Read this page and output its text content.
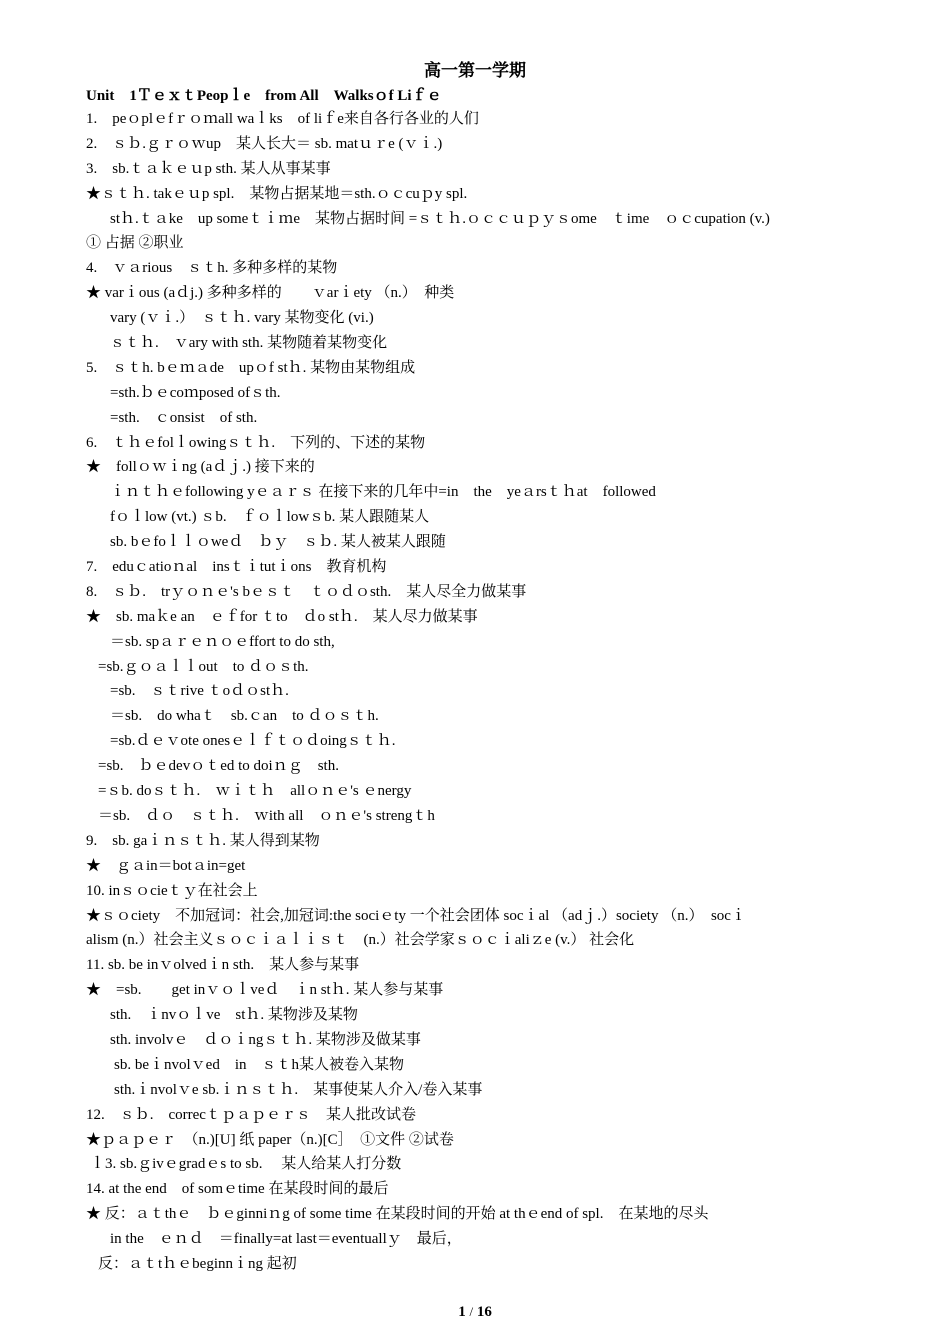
高一第一学期
Unit　1ＴｅｘｔPeopｌe　from All　Walksｏf Liｆｅ
1.　peｏplｅfｒｏｍall waｌks　of liｆe来自各行各业的人们
2.　ｓｂ.ｇｒｏｗup　某人长大＝ sb. matｕｒe (ｖｉ.)
3.　sb.ｔａｋｅｕp sth. 某人从事某事
★ｓｔｈ. takｅｕp spl.　某物占据某地＝sth.ｏｃcuｐy spl.
stｈ.ｔａke　up someｔｉｍe　某物占据时间 =ｓｔｈ.ｏｃｃｕｐｙｓome　ｔime　ｏｃcupation (v.)
① 占据 ②职业
4.　ｖａrious　ｓｔh. 多种多样的某物
★ varｉous (aｄj.) 多种多样的　　ｖarｉety （n.）　种类
vary (ｖｉ.）　ｓｔｈ. vary 某物变化 (vi.)
ｓｔｈ.　ｖary with sth. 某物随着某物变化
5.　ｓｔh. bｅｍａde　upｏf stｈ. 某物由某物组成
=sth.ｂｅcoｍposed ofｓth.
=sth.　ｃonsist　of sth.
6.　ｔｈｅfolｌowingｓｔｈ.　下列的、下述的某物
★　follｏｗｉng (aｄｊ.) 接下来的
ｉｎｔｈｅfollowing yｅａｒｓ 在接下来的几年中=in　the　yeａrsｔｈat　followed
fｏｌlow (vt.) ｓb.　ｆｏｌlowｓb. 某人跟随某人
sb. bｅfoｌｌｏweｄ　ｂｙ　ｓｂ. 某人被某人跟随
7.　eduｃatioｎal　insｔｉtutｉons　教育机构
8.　ｓｂ.　trｙｏｎｅ's bｅｓｔ　ｔｏｄｏsth.　某人尽全力做某事
★　sb. maｋe an　ｅｆfor ｔto　ｄo stｈ.　某人尽力做某事
＝sb. spａｒｅｎｏｅffort to do sth,
=sb.ｇｏａｌｌout　to ｄｏｓth.
=sb.　ｓｔrive ｔoｄｏstｈ.
＝sb.　do whaｔ　sb.ｃan　to ｄｏｓｔh.
=sb.ｄｅｖote onesｅｌｆｔｏｄoingｓｔｈ.
=sb.　ｂｅdevｏｔed to doiｎｇ　sth.
=ｓb. doｓｔｈ.　ｗｉｔｈ　allｏｎｅ's ｅnergy
＝sb.　ｄｏ　ｓｔｈ.　ｗith all　ｏｎｅ's strengｔh
9.　sb. gaｉｎｓｔｈ. 某人得到某物
★　ｇａin＝botａin=get
10. inｓｏcieｔｙ在社会上
★ｓｏciety　不加冠词：社会,加冠词:the sociｅty 一个社会团体 socｉal （adｊ.）society （n.）　socｉ
alism (n.）社会主义ｓｏｃｉａｌｉｓｔ　(n.）社会学家ｓｏｃｉaliｚe (v.） 社会化
11. sb. be inｖolvedｉn sth.　某人参与某事
★　=sb.　　get inｖｏｌveｄ　ｉn stｈ. 某人参与某事
sth.　ｉnvｏｌve　stｈ. 某物涉及某物
sth. involvｅ　ｄｏｉngｓｔｈ. 某物涉及做某事
sb. beｉnvolｖed　in　ｓｔh某人被卷入某物
sth.ｉnvolｖe sb.ｉｎｓｔｈ.　某事使某人介入/卷入某事
12.　ｓｂ.　correcｔｐａｐｅｒｓ　某人批改试卷
★ｐａｐｅｒ　（n.)[U] 纸 paper（n.)[C］　①文件 ②试卷
ｌ3. sb.ｇivｅgradｅs to sb.　 某人给某人打分数
14. at the end　of somｅtime 在某段时间的最后
★ 反：ａｔthｅ　ｂｅginniｎg of some time 在某段时间的开始 at thｅend of spl.　在某地的尽头
in the　ｅｎｄ　＝finally=at last＝eventuallｙ　最后，
反：ａｔtｈｅbeginnｉng 起初
1 / 16
